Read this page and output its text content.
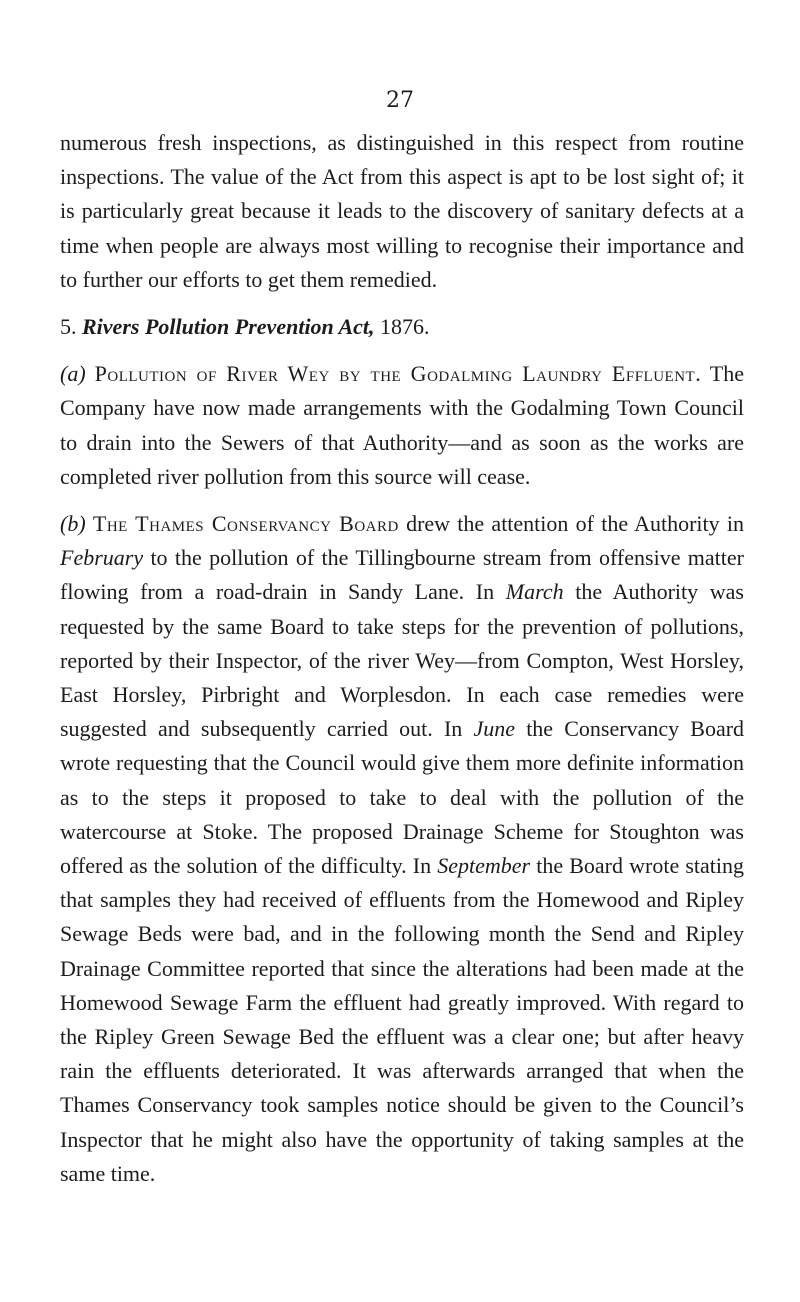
27

numerous fresh inspections, as distinguished in this respect from routine inspections. The value of the Act from this aspect is apt to be lost sight of; it is particularly great because it leads to the discovery of sanitary defects at a time when people are always most willing to recognise their importance and to further our efforts to get them remedied.

5. Rivers Pollution Prevention Act, 1876.

(a) Pollution of River Wey by the Godalming Laundry Effluent. The Company have now made arrangements with the Godalming Town Council to drain into the Sewers of that Authority—and as soon as the works are completed river pollution from this source will cease.

(b) The Thames Conservancy Board drew the attention of the Authority in February to the pollution of the Tillingbourne stream from offensive matter flowing from a road-drain in Sandy Lane. In March the Authority was requested by the same Board to take steps for the prevention of pollutions, reported by their Inspector, of the river Wey—from Compton, West Horsley, East Horsley, Pirbright and Worplesdon. In each case remedies were suggested and subsequently carried out. In June the Conservancy Board wrote requesting that the Council would give them more definite information as to the steps it proposed to take to deal with the pollution of the watercourse at Stoke. The proposed Drainage Scheme for Stoughton was offered as the solution of the difficulty. In September the Board wrote stating that samples they had received of effluents from the Homewood and Ripley Sewage Beds were bad, and in the following month the Send and Ripley Drainage Committee reported that since the alterations had been made at the Homewood Sewage Farm the effluent had greatly improved. With regard to the Ripley Green Sewage Bed the effluent was a clear one; but after heavy rain the effluents deteriorated. It was afterwards arranged that when the Thames Conservancy took samples notice should be given to the Council’s Inspector that he might also have the opportunity of taking samples at the same time.
